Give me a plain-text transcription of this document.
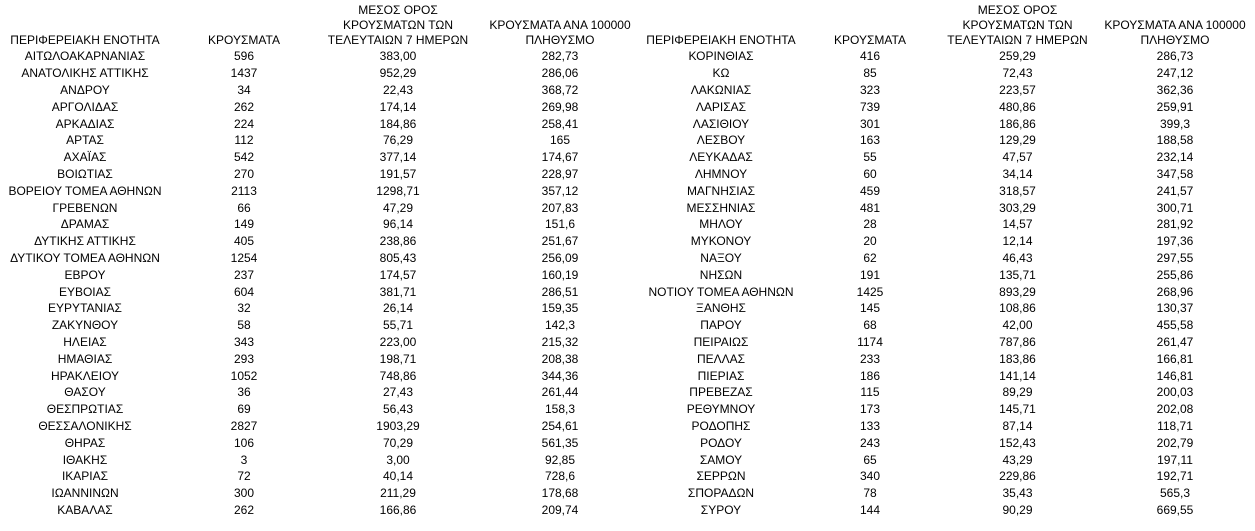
ΠΕΡΙΦΕΡΕΙΑΚΗ ΕΝΟΤΗΤΑ	ΚΡΟΥΣΜΑΤΑ	ΜΕΣΟΣ ΟΡΟΣ
ΚΡΟΥΣΜΑΤΩΝ ΤΩΝ
ΤΕΛΕΥΤΑΙΩΝ 7 ΗΜΕΡΩΝ	ΚΡΟΥΣΜΑΤΑ ΑΝΑ 100000
ΠΛΗΘΥΣΜΟ
ΑΙΤΩΛΟΑΚΑΡΝΑΝΙΑΣ	596	383,00	282,73
ΑΝΑΤΟΛΙΚΗΣ ΑΤΤΙΚΗΣ	1437	952,29	286,06
ΑΝΔΡΟΥ	34	22,43	368,72
ΑΡΓΟΛΙΔΑΣ	262	174,14	269,98
ΑΡΚΑΔΙΑΣ	224	184,86	258,41
ΑΡΤΑΣ	112	76,29	165
ΑΧΑΪΑΣ	542	377,14	174,67
ΒΟΙΩΤΙΑΣ	270	191,57	228,97
ΒΟΡΕΙΟΥ ΤΟΜΕΑ ΑΘΗΝΩΝ	2113	1298,71	357,12
ΓΡΕΒΕΝΩΝ	66	47,29	207,83
ΔΡΑΜΑΣ	149	96,14	151,6
ΔΥΤΙΚΗΣ ΑΤΤΙΚΗΣ	405	238,86	251,67
ΔΥΤΙΚΟΥ ΤΟΜΕΑ ΑΘΗΝΩΝ	1254	805,43	256,09
ΕΒΡΟΥ	237	174,57	160,19
ΕΥΒΟΙΑΣ	604	381,71	286,51
ΕΥΡΥΤΑΝΙΑΣ	32	26,14	159,35
ΖΑΚΥΝΘΟΥ	58	55,71	142,3
ΗΛΕΙΑΣ	343	223,00	215,32
ΗΜΑΘΙΑΣ	293	198,71	208,38
ΗΡΑΚΛΕΙΟΥ	1052	748,86	344,36
ΘΑΣΟΥ	36	27,43	261,44
ΘΕΣΠΡΩΤΙΑΣ	69	56,43	158,3
ΘΕΣΣΑΛΟΝΙΚΗΣ	2827	1903,29	254,61
ΘΗΡΑΣ	106	70,29	561,35
ΙΘΑΚΗΣ	3	3,00	92,85
ΙΚΑΡΙΑΣ	72	40,14	728,6
ΙΩΑΝΝΙΝΩΝ	300	211,29	178,68
ΚΑΒΑΛΑΣ	262	166,86	209,74
ΠΕΡΙΦΕΡΕΙΑΚΗ ΕΝΟΤΗΤΑ	ΚΡΟΥΣΜΑΤΑ	ΜΕΣΟΣ ΟΡΟΣ
ΚΡΟΥΣΜΑΤΩΝ ΤΩΝ
ΤΕΛΕΥΤΑΙΩΝ 7 ΗΜΕΡΩΝ	ΚΡΟΥΣΜΑΤΑ ΑΝΑ 100000
ΠΛΗΘΥΣΜΟ
ΚΟΡΙΝΘΙΑΣ	416	259,29	286,73
ΚΩ	85	72,43	247,12
ΛΑΚΩΝΙΑΣ	323	223,57	362,36
ΛΑΡΙΣΑΣ	739	480,86	259,91
ΛΑΣΙΘΙΟΥ	301	186,86	399,3
ΛΕΣΒΟΥ	163	129,29	188,58
ΛΕΥΚΑΔΑΣ	55	47,57	232,14
ΛΗΜΝΟΥ	60	34,14	347,58
ΜΑΓΝΗΣΙΑΣ	459	318,57	241,57
ΜΕΣΣΗΝΙΑΣ	481	303,29	300,71
ΜΗΛΟΥ	28	14,57	281,92
ΜΥΚΟΝΟΥ	20	12,14	197,36
ΝΑΞΟΥ	62	46,43	297,55
ΝΗΣΩΝ	191	135,71	255,86
ΝΟΤΙΟΥ ΤΟΜΕΑ ΑΘΗΝΩΝ	1425	893,29	268,96
ΞΑΝΘΗΣ	145	108,86	130,37
ΠΑΡΟΥ	68	42,00	455,58
ΠΕΙΡΑΙΩΣ	1174	787,86	261,47
ΠΕΛΛΑΣ	233	183,86	166,81
ΠΙΕΡΙΑΣ	186	141,14	146,81
ΠΡΕΒΕΖΑΣ	115	89,29	200,03
ΡΕΘΥΜΝΟΥ	173	145,71	202,08
ΡΟΔΟΠΗΣ	133	87,14	118,71
ΡΟΔΟΥ	243	152,43	202,79
ΣΑΜΟΥ	65	43,29	197,11
ΣΕΡΡΩΝ	340	229,86	192,71
ΣΠΟΡΑΔΩΝ	78	35,43	565,3
ΣΥΡΟΥ	144	90,29	669,55
